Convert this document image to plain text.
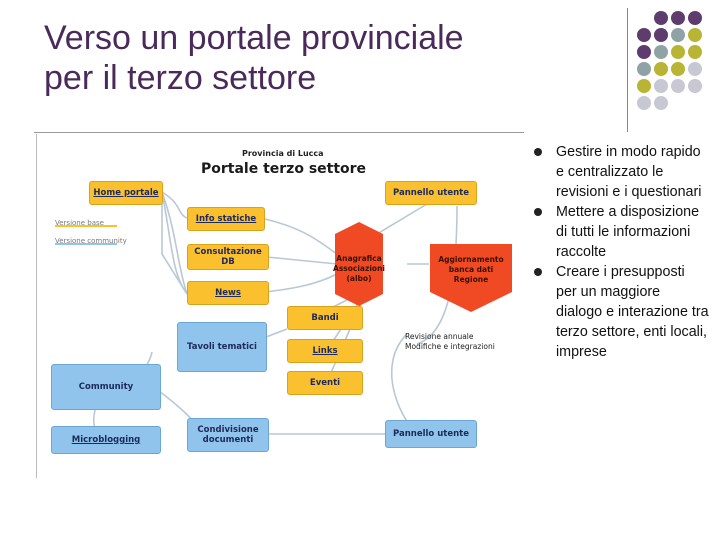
Verso un portale provinciale
per il terzo settore
Provincia di Lucca
Portale terzo settore
Versione base
Versione community
Home portale
Info statiche
Consultazione DB
News
Bandi
Links
Eventi
Pannello utente
Anagrafica Associazioni (albo)
Aggiornamento banca dati Regione
Revisione annuale Modifiche e integrazioni
Tavoli tematici
Community
Microblogging
Condivisione documenti
Pannello utente
Gestire in modo rapido e centralizzato le revisioni e i questionari
Mettere a disposizione di tutti le informazioni raccolte
Creare i presupposti per un maggiore dialogo e interazione tra terzo settore, enti locali, imprese
